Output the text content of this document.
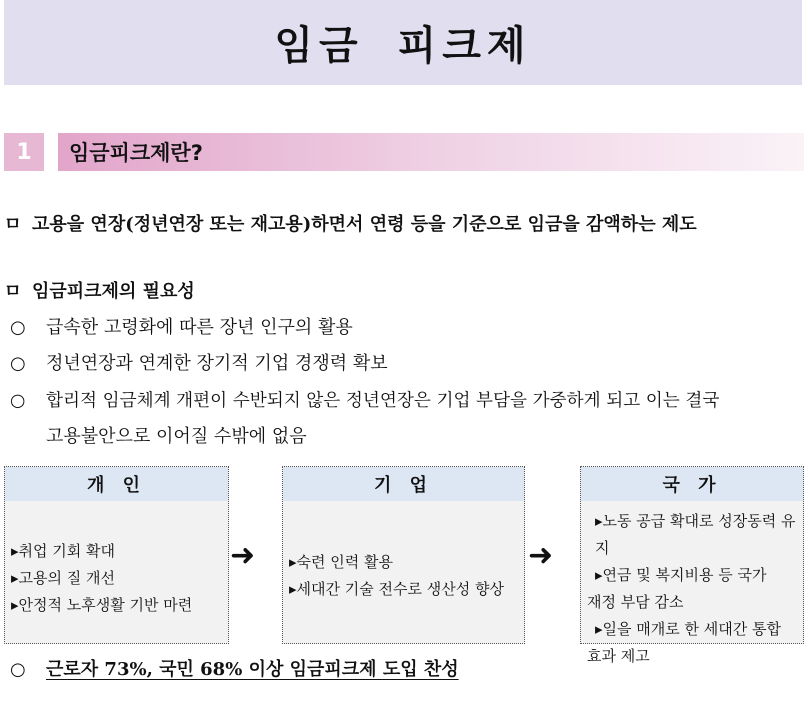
임금 피크제
1	임금피크제란?
ㅁ 고용을 연장(정년연장 또는 재고용)하면서 연령 등을 기준으로 임금을 감액하는 제도
ㅁ 임금피크제의 필요성
○ 급속한 고령화에 따른 장년 인구의 활용
○ 정년연장과 연계한 장기적 기업 경쟁력 확보
○ 합리적 임금체계 개편이 수반되지 않은 정년연장은 기업 부담을 가중하게 되고 이는 결국
고용불안으로 이어질 수밖에 없음
개 인
▸취업 기회 확대
▸고용의 질 개선
▸안정적 노후생활 기반 마련
➜
기 업
▸숙련 인력 활용
▸세대간 기술 전수로 생산성 향상
➜
국 가
▸노동 공급 확대로 성장동력 유지
▸연금 및 복지비용 등 국가
재정 부담 감소
▸일을 매개로 한 세대간 통합
효과 제고
○ 근로자 73%, 국민 68% 이상 임금피크제 도입 찬성
